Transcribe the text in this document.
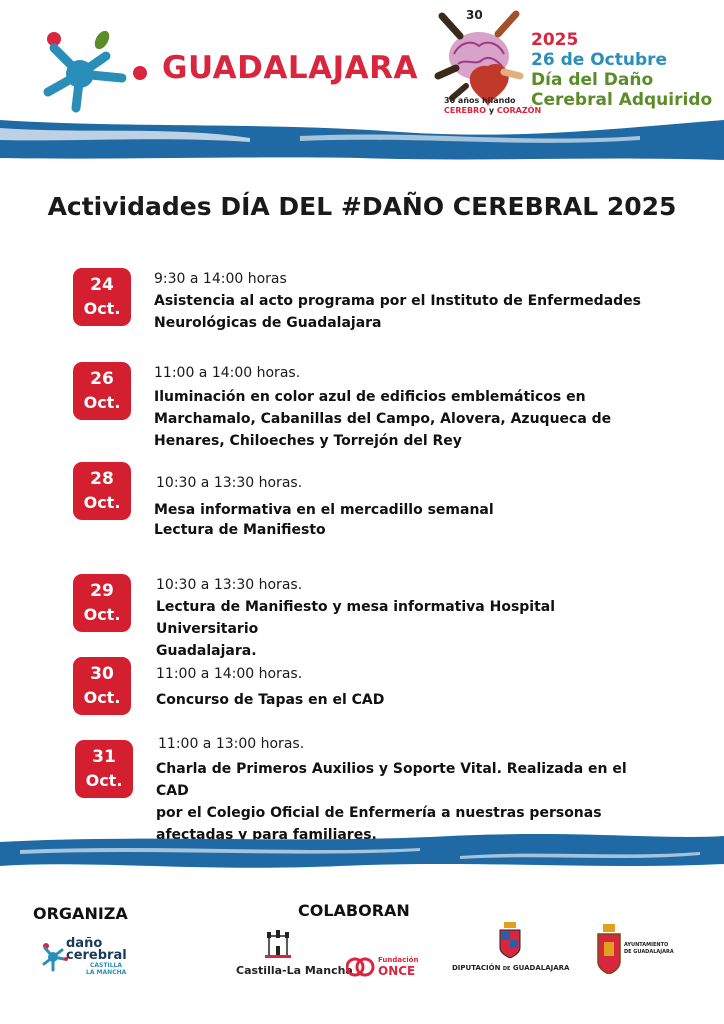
GUADALAJARA
30
30 años hilando
CEREBRO y CORAZÓN
2025
26 de Octubre
Día del Daño
Cerebral Adquirido
Actividades DÍA DEL #DAÑO CEREBRAL 2025
24
Oct.
9:30 a 14:00 horas
Asistencia al acto programa por el Instituto de Enfermedades
Neurológicas de Guadalajara
26
Oct.
11:00 a 14:00 horas.
Iluminación en color azul de edificios emblemáticos en
Marchamalo, Cabanillas del Campo, Alovera, Azuqueca de
Henares, Chiloeches y Torrejón del Rey
28
Oct.
10:30 a 13:30 horas.
Mesa informativa en el mercadillo semanal
Lectura de Manifiesto
29
Oct.
10:30 a 13:30 horas.
Lectura de Manifiesto y mesa informativa Hospital Universitario
Guadalajara.
30
Oct.
11:00 a 14:00 horas.
Concurso de Tapas en el CAD
31
Oct.
11:00 a 13:00 horas.
Charla de Primeros Auxilios y Soporte Vital. Realizada en el CAD
por el Colegio Oficial de Enfermería a nuestras personas
afectadas y para familiares.
ORGANIZA	COLABORAN
daño
cerebral
CASTILLA
LA MANCHA	Castilla-La Mancha
Fundación
ONCE	DIPUTACIÓN DE GUADALAJARA
AYUNTAMIENTO
DE GUADALAJARA
